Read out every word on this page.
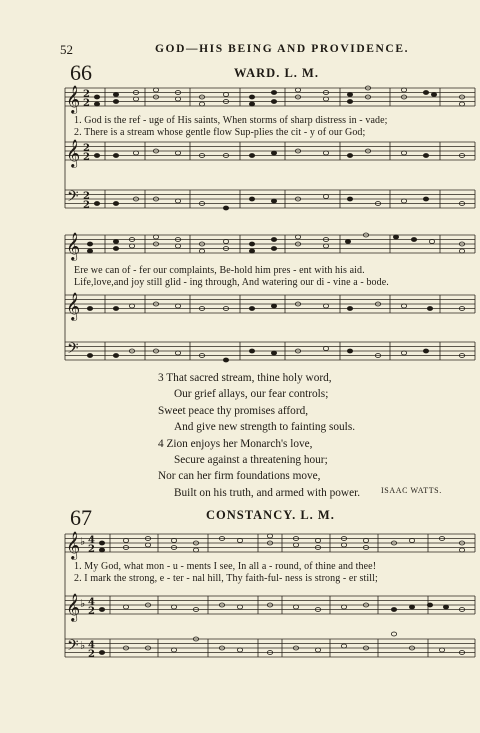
52	GOD—HIS BEING AND PROVIDENCE.
66	WARD. L. M.
𝄞
𝄞
𝄢
2
2
2
2
2
2
1. God is the ref - uge of His saints, When storms of sharp distress in - vade;
2. There is a stream whose gentle flow Sup-plies the cit - y of our God;
𝄞
𝄞
𝄢
Ere we can of - fer our complaints, Be-hold him pres - ent with his aid.
Life,love,and joy still glid - ing through, And watering our di - vine a - bode.
3 That sacred stream, thine holy word,
Our grief allays, our fear controls;
Sweet peace thy promises afford,
And give new strength to fainting souls.
4 Zion enjoys her Monarch's love,
Secure against a threatening hour;
Nor can her firm foundations move,
Built on his truth, and armed with power.	ISAAC WATTS.
67	CONSTANCY. L. M.
𝄞
𝄞
𝄢
♭
♭
♭
4
2
4
2
4
2
1. My God, what mon - u - ments I see, In all a - round, of thine and thee!
2. I mark the strong, e - ter - nal hill, Thy faith-ful- ness is strong - er still;
